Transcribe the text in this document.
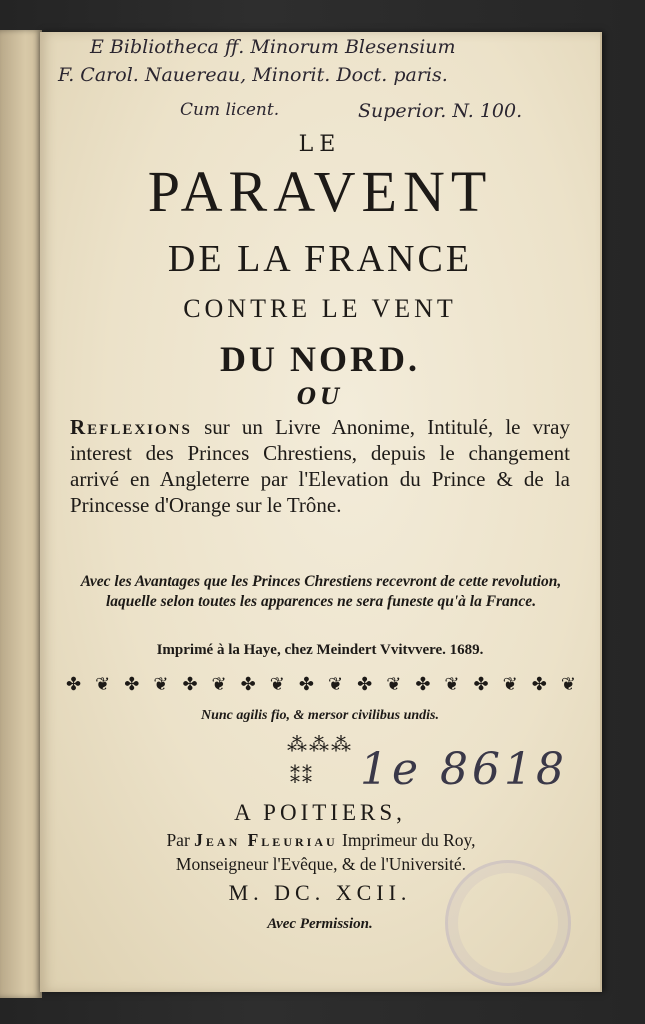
E Bibliotheca ff. Minorum Blesensium
F. Carol. Nauereau, Minorit. Doct. paris.
Cum licent.	Superior. N. 100.
LE
PARAVENT
DE LA FRANCE
CONTRE LE VENT
DU NORD.
OU
Reflexions sur un Livre Anonime, Intitulé, le vray interest des Princes Chrestiens, depuis le changement arrivé en Angleterre par l'Elevation du Prince & de la Princesse d'Orange sur le Trône.
Avec les Avantages que les Princes Chrestiens recevront de cette revolution, laquelle selon toutes les apparences ne sera funeste qu'à la France.
Imprimé à la Haye, chez Meindert Vvitvvere. 1689.
✤ ❦ ✤ ❦ ✤ ❦ ✤ ❦ ✤ ❦ ✤ ❦ ✤ ❦ ✤ ❦ ✤ ❦
Nunc agilis fio, & mersor civilibus undis.
⁂⁂⁂
⁑⁑ 1e 8618
A POITIERS,
Par Jean Fleuriau Imprimeur du Roy,
Monseigneur l'Evêque, & de l'Université.
M. DC. XCII.
Avec Permission.
